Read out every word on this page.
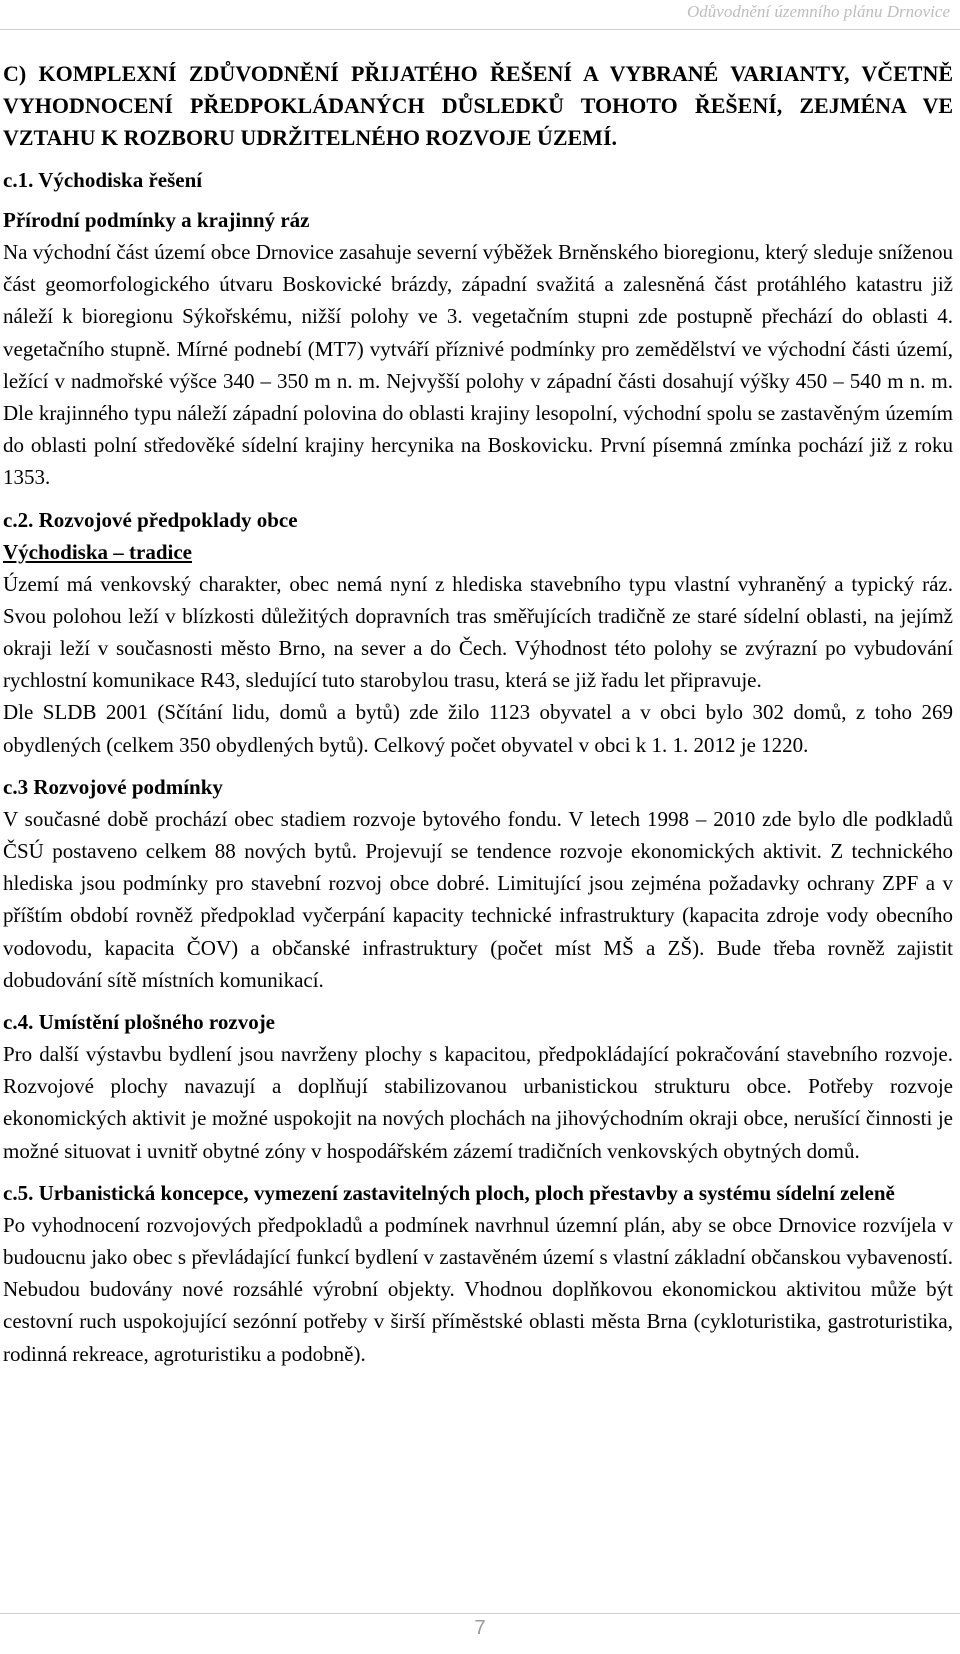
Odůvodnění územního plánu Drnovice

C) KOMPLEXNÍ ZDŮVODNĚNÍ PŘIJATÉHO ŘEŠENÍ A VYBRANÉ VARIANTY, VČETNĚ VYHODNOCENÍ PŘEDPOKLÁDANÝCH DŮSLEDKŮ TOHOTO ŘEŠENÍ, ZEJMÉNA VE VZTAHU K ROZBORU UDRŽITELNÉHO ROZVOJE ÚZEMÍ.

c.1. Východiska řešení

Přírodní podmínky a krajinný ráz

Na východní část území obce Drnovice zasahuje severní výběžek Brněnského bioregionu, který sleduje sníženou část geomorfologického útvaru Boskovické brázdy, západní svažitá a zalesněná část protáhlého katastru již náleží k bioregionu Sýkořskému, nižší polohy ve 3. vegetačním stupni zde postupně přechází do oblasti 4. vegetačního stupně. Mírné podnebí (MT7) vytváří příznivé podmínky pro zemědělství ve východní části území, ležící v nadmořské výšce 340 – 350 m n. m. Nejvyšší polohy v západní části dosahují výšky 450 – 540 m n. m. Dle krajinného typu náleží západní polovina do oblasti krajiny lesopolní, východní spolu se zastavěným územím do oblasti polní středověké sídelní krajiny hercynika na Boskovicku. První písemná zmínka pochází již z roku 1353.

c.2. Rozvojové předpoklady obce

Východiska – tradice

Území má venkovský charakter, obec nemá nyní z hlediska stavebního typu vlastní vyhraněný a typický ráz. Svou polohou leží v blízkosti důležitých dopravních tras směřujících tradičně ze staré sídelní oblasti, na jejímž okraji leží v současnosti město Brno, na sever a do Čech. Výhodnost této polohy se zvýrazní po vybudování rychlostní komunikace R43, sledující tuto starobylou trasu, která se již řadu let připravuje.

Dle SLDB 2001 (Sčítání lidu, domů a bytů) zde žilo 1123 obyvatel a v obci bylo 302 domů, z toho 269 obydlených (celkem 350 obydlených bytů). Celkový počet obyvatel v obci k 1. 1. 2012 je 1220.

c.3 Rozvojové podmínky

V současné době prochází obec stadiem rozvoje bytového fondu. V letech 1998 – 2010 zde bylo dle podkladů ČSÚ postaveno celkem 88 nových bytů. Projevují se tendence rozvoje ekonomických aktivit. Z technického hlediska jsou podmínky pro stavební rozvoj obce dobré. Limitující jsou zejména požadavky ochrany ZPF a v příštím období rovněž předpoklad vyčerpání kapacity technické infrastruktury (kapacita zdroje vody obecního vodovodu, kapacita ČOV) a občanské infrastruktury (počet míst MŠ a ZŠ). Bude třeba rovněž zajistit dobudování sítě místních komunikací.

c.4. Umístění plošného rozvoje

Pro další výstavbu bydlení jsou navrženy plochy s kapacitou, předpokládající pokračování stavebního rozvoje. Rozvojové plochy navazují a doplňují stabilizovanou urbanistickou strukturu obce. Potřeby rozvoje ekonomických aktivit je možné uspokojit na nových plochách na jihovýchodním okraji obce, nerušící činnosti je možné situovat i uvnitř obytné zóny v hospodářském zázemí tradičních venkovských obytných domů.

c.5. Urbanistická koncepce, vymezení zastavitelných ploch, ploch přestavby a systému sídelní zeleně

Po vyhodnocení rozvojových předpokladů a podmínek navrhnul územní plán, aby se obce Drnovice rozvíjela v budoucnu jako obec s převládající funkcí bydlení v zastavěném území s vlastní základní občanskou vybaveností. Nebudou budovány nové rozsáhlé výrobní objekty. Vhodnou doplňkovou ekonomickou aktivitou může být cestovní ruch uspokojující sezónní potřeby v širší příměstské oblasti města Brna (cykloturistika, gastroturistika, rodinná rekreace, agroturistiku a podobně).

7
